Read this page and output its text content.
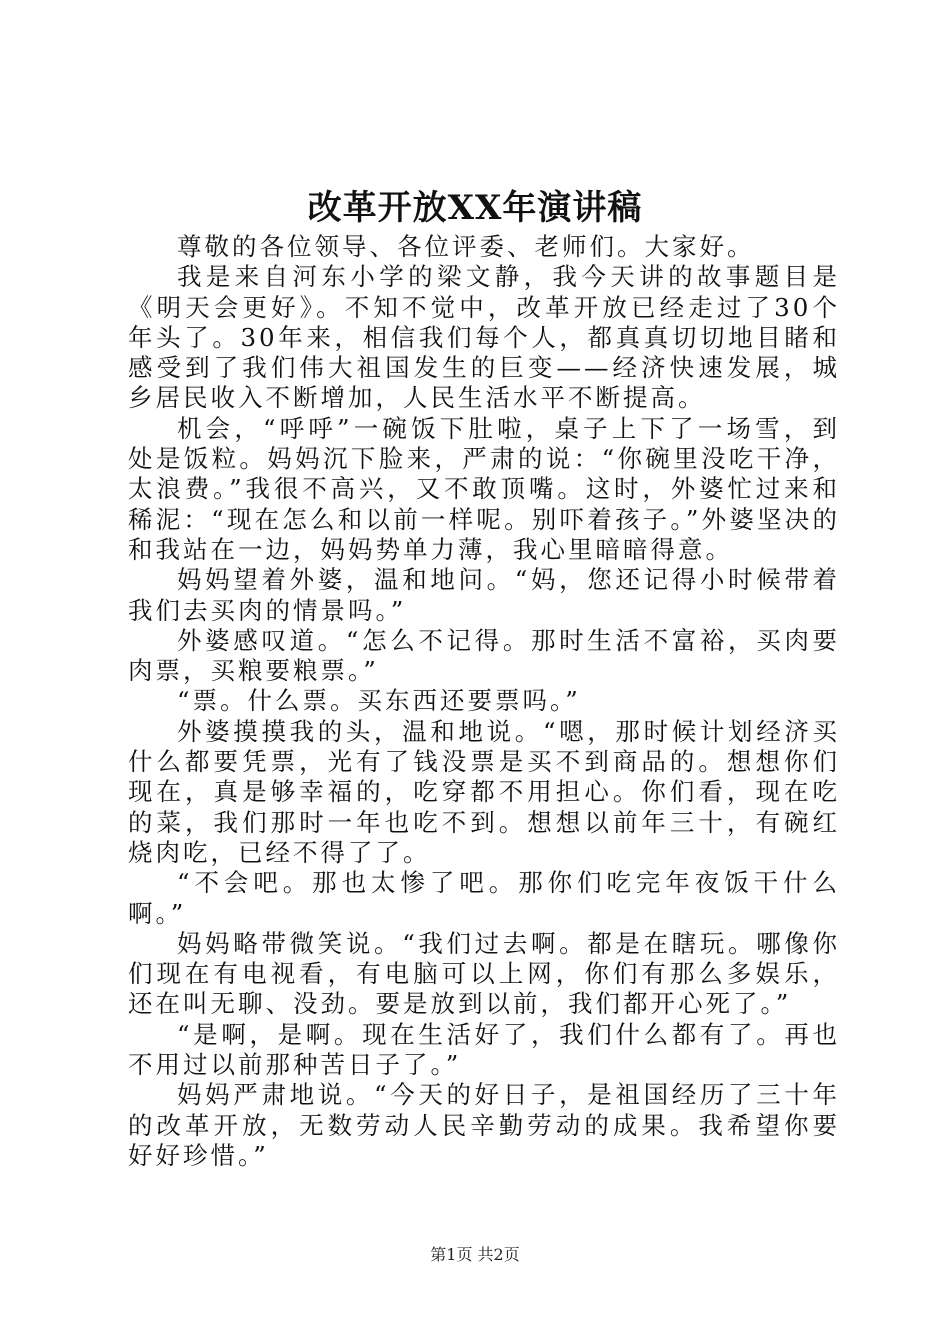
改革开放XX年演讲稿

尊敬的各位领导、各位评委、老师们。大家好。

我是来自河东小学的梁文静，我今天讲的故事题目是《明天会更好》。不知不觉中，改革开放已经走过了30个年头了。30年来，相信我们每个人，都真真切切地目睹和感受到了我们伟大祖国发生的巨变——经济快速发展，城乡居民收入不断增加，人民生活水平不断提高。

机会，“呼呼”一碗饭下肚啦，桌子上下了一场雪，到处是饭粒。妈妈沉下脸来，严肃的说：“你碗里没吃干净，太浪费。”我很不高兴，又不敢顶嘴。这时，外婆忙过来和稀泥：“现在怎么和以前一样呢。别吓着孩子。”外婆坚决的和我站在一边，妈妈势单力薄，我心里暗暗得意。

妈妈望着外婆，温和地问。“妈，您还记得小时候带着我们去买肉的情景吗。”

外婆感叹道。“怎么不记得。那时生活不富裕，买肉要肉票，买粮要粮票。”

“票。什么票。买东西还要票吗。”

外婆摸摸我的头，温和地说。“嗯，那时候计划经济买什么都要凭票，光有了钱没票是买不到商品的。想想你们现在，真是够幸福的，吃穿都不用担心。你们看，现在吃的菜，我们那时一年也吃不到。想想以前年三十，有碗红烧肉吃，已经不得了了。

“不会吧。那也太惨了吧。那你们吃完年夜饭干什么啊。”

妈妈略带微笑说。“我们过去啊。都是在瞎玩。哪像你们现在有电视看，有电脑可以上网，你们有那么多娱乐，还在叫无聊、没劲。要是放到以前，我们都开心死了。”

“是啊，是啊。现在生活好了，我们什么都有了。再也不用过以前那种苦日子了。”

妈妈严肃地说。“今天的好日子，是祖国经历了三十年的改革开放，无数劳动人民辛勤劳动的成果。我希望你要好好珍惜。”

第1页 共2页
